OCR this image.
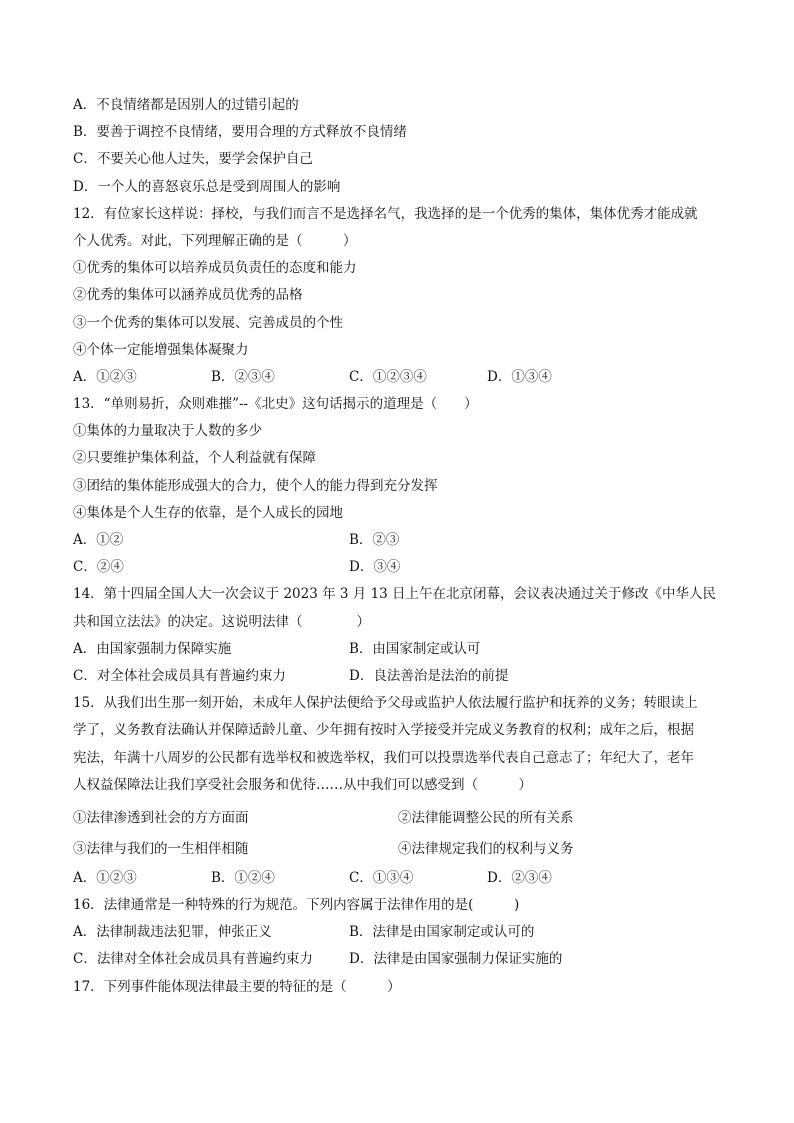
A．不良情绪都是因别人的过错引起的
B．要善于调控不良情绪，要用合理的方式释放不良情绪
C．不要关心他人过失，要学会保护自己
D．一个人的喜怒哀乐总是受到周围人的影响
12．有位家长这样说：择校，与我们而言不是选择名气，我选择的是一个优秀的集体，集体优秀才能成就
个人优秀。对此，下列理解正确的是（　　　）
①优秀的集体可以培养成员负责任的态度和能力
②优秀的集体可以涵养成员优秀的品格
③一个优秀的集体可以发展、完善成员的个性
④个体一定能增强集体凝聚力
A．①②③	B．②③④	C．①②③④	D．①③④
13．“单则易折，众则难摧”--《北史》这句话揭示的道理是（　　）
①集体的力量取决于人数的多少
②只要维护集体利益，个人利益就有保障
③团结的集体能形成强大的合力，使个人的能力得到充分发挥
④集体是个人生存的依靠，是个人成长的园地
A．①②	B．②③
C．②④	D．③④
14．第十四届全国人大一次会议于 2023 年 3 月 13 日上午在北京闭幕，会议表决通过关于修改《中华人民
共和国立法法》的决定。这说明法律（　　　　）
A．由国家强制力保障实施	B．由国家制定或认可
C．对全体社会成员具有普遍约束力	D．良法善治是法治的前提
15．从我们出生那一刻开始，未成年人保护法便给予父母或监护人依法履行监护和抚养的义务；转眼读上
学了，义务教育法确认并保障适龄儿童、少年拥有按时入学接受并完成义务教育的权利；成年之后，根据
宪法，年满十八周岁的公民都有选举权和被选举权，我们可以投票选举代表自己意志了；年纪大了，老年
人权益保障法让我们享受社会服务和优待……从中我们可以感受到（　　　）
①法律渗透到社会的方方面面	②法律能调整公民的所有关系
③法律与我们的一生相伴相随	④法律规定我们的权利与义务
A．①②③	B．①②④	C．①③④	D．②③④
16．法律通常是一种特殊的行为规范。下列内容属于法律作用的是(　　　)
A．法律制裁违法犯罪，伸张正义	B．法律是由国家制定或认可的
C．法律对全体社会成员具有普遍约束力	D．法律是由国家强制力保证实施的
17．下列事件能体现法律最主要的特征的是（　　　）
